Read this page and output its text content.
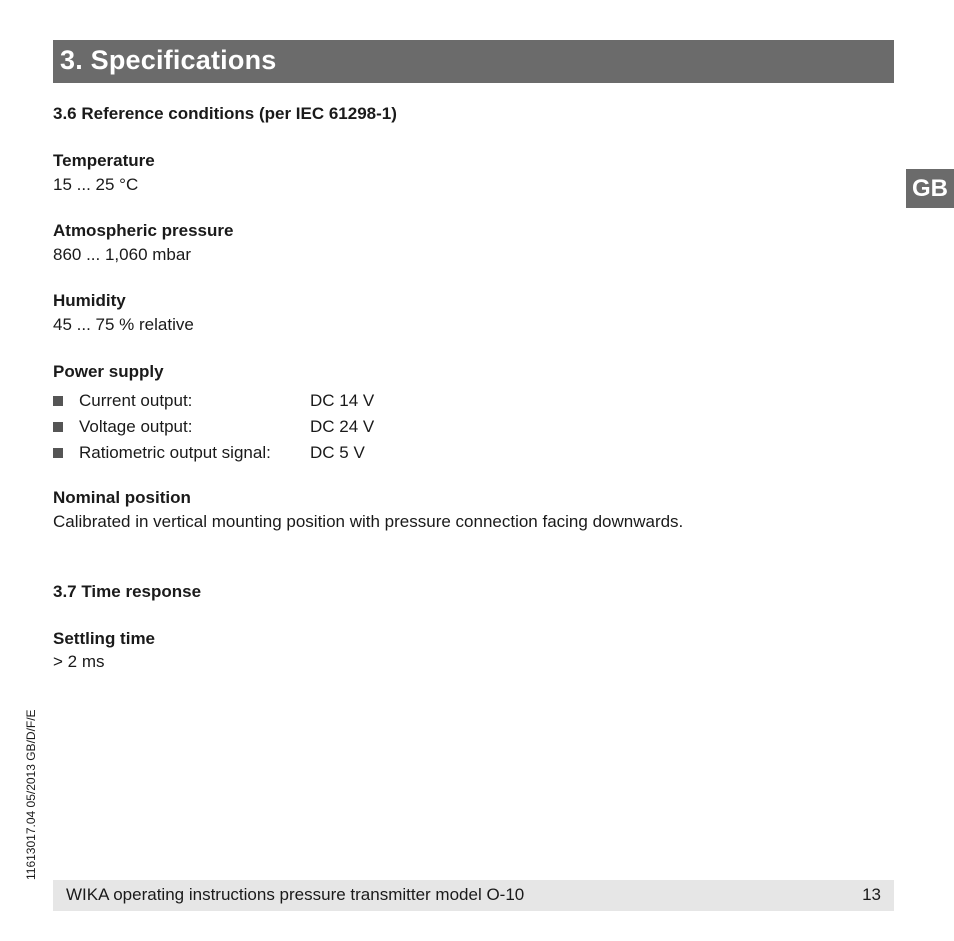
3. Specifications
GB
3.6 Reference conditions (per IEC 61298-1)
Temperature
15 ... 25 °C
Atmospheric pressure
860 ... 1,060 mbar
Humidity
45 ... 75 % relative
Power supply
Current output:	DC 14 V
Voltage output:	DC 24 V
Ratiometric output signal: DC 5 V
Nominal position
Calibrated in vertical mounting position with pressure connection facing downwards.
3.7 Time response
Settling time
> 2 ms
11613017.04 05/2013 GB/D/F/E
WIKA operating instructions pressure transmitter model O-10	13
